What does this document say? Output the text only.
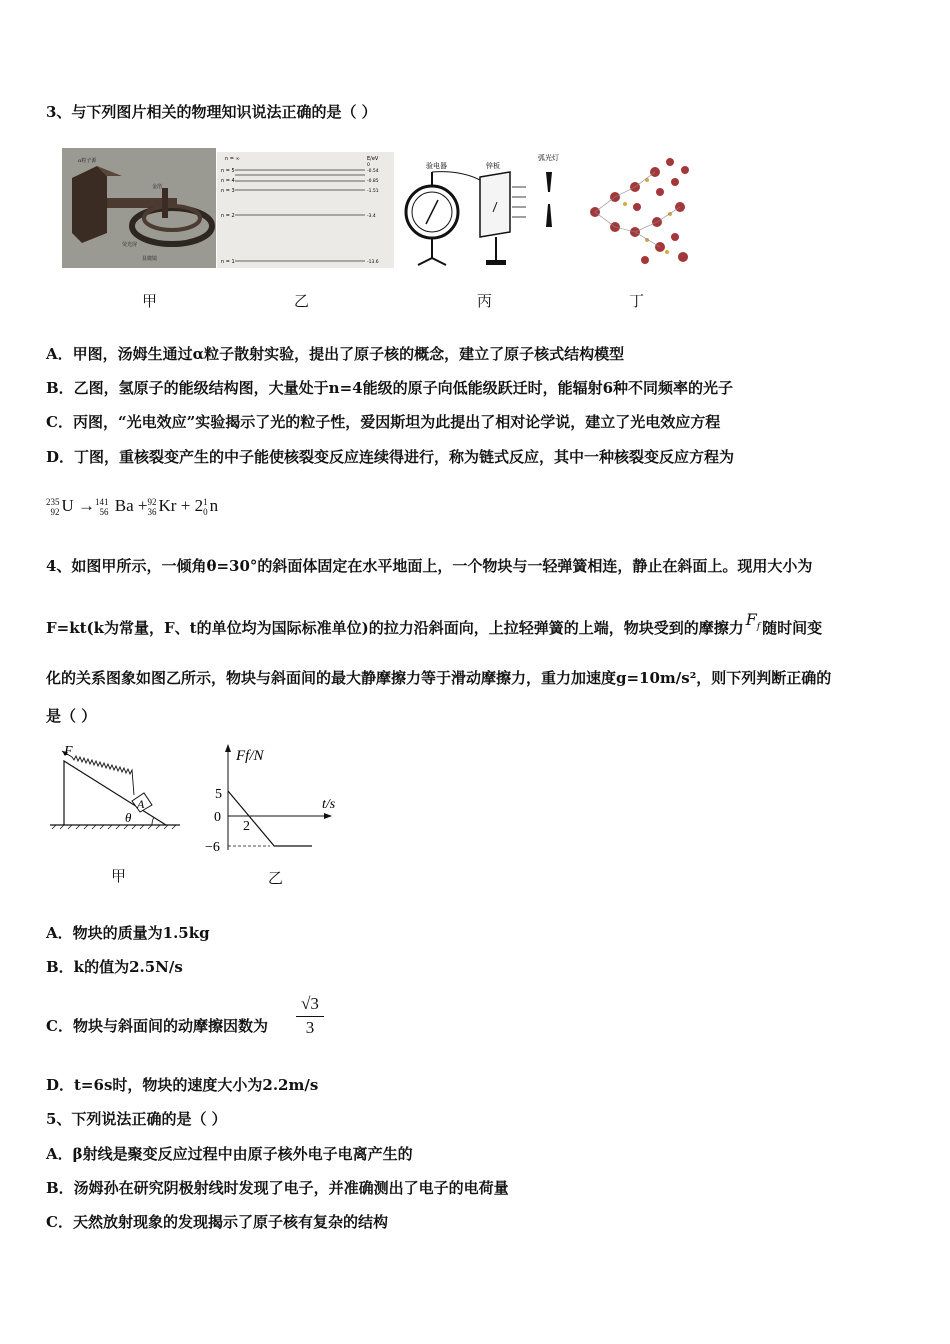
3、与下列图片相关的物理知识说法正确的是（ ）
α粒子源
金箔
荧光屏
显微镜
n = ∞
n = 5
n = 4
n = 3
n = 2
n = 1
E/eV
-0.54
-0.85
-1.51
-3.4
-13.6
0	验电器	锌板
弧光灯
甲	乙	丙	丁
A．甲图，汤姆生通过α粒子散射实验，提出了原子核的概念，建立了原子核式结构模型
B．乙图，氢原子的能级结构图，大量处于n=4能级的原子向低能级跃迁时，能辐射6种不同频率的光子
C．丙图，“光电效应”实验揭示了光的粒子性，爱因斯坦为此提出了相对论学说，建立了光电效应方程
D．丁图，重核裂变产生的中子能使核裂变反应连续得进行，称为链式反应，其中一种核裂变反应方程为
235
92 U → 141
56 Ba + 92
36 Kr + 2 1
0 n
4、如图甲所示，一倾角θ=30°的斜面体固定在水平地面上，一个物块与一轻弹簧相连，静止在斜面上。现用大小为
F=kt(k为常量，F、t的单位均为国际标准单位)的拉力沿斜面向，上拉轻弹簧的上端，物块受到的摩擦力 $F_f$ 随时间变
化的关系图象如图乙所示，物块与斜面间的最大静摩擦力等于滑动摩擦力，重力加速度g=10m/s²，则下列判断正确的
是（ ）
F
A
θ
Ff/N
t/s
5
0
−6
2
甲	乙
A．物块的质量为1.5kg
B．k的值为2.5N/s
C．物块与斜面间的动摩擦因数为
√3
3
D．t=6s时，物块的速度大小为2.2m/s
5、下列说法正确的是（ ）
A．β射线是聚变反应过程中由原子核外电子电离产生的
B．汤姆孙在研究阴极射线时发现了电子，并准确测出了电子的电荷量
C．天然放射现象的发现揭示了原子核有复杂的结构
